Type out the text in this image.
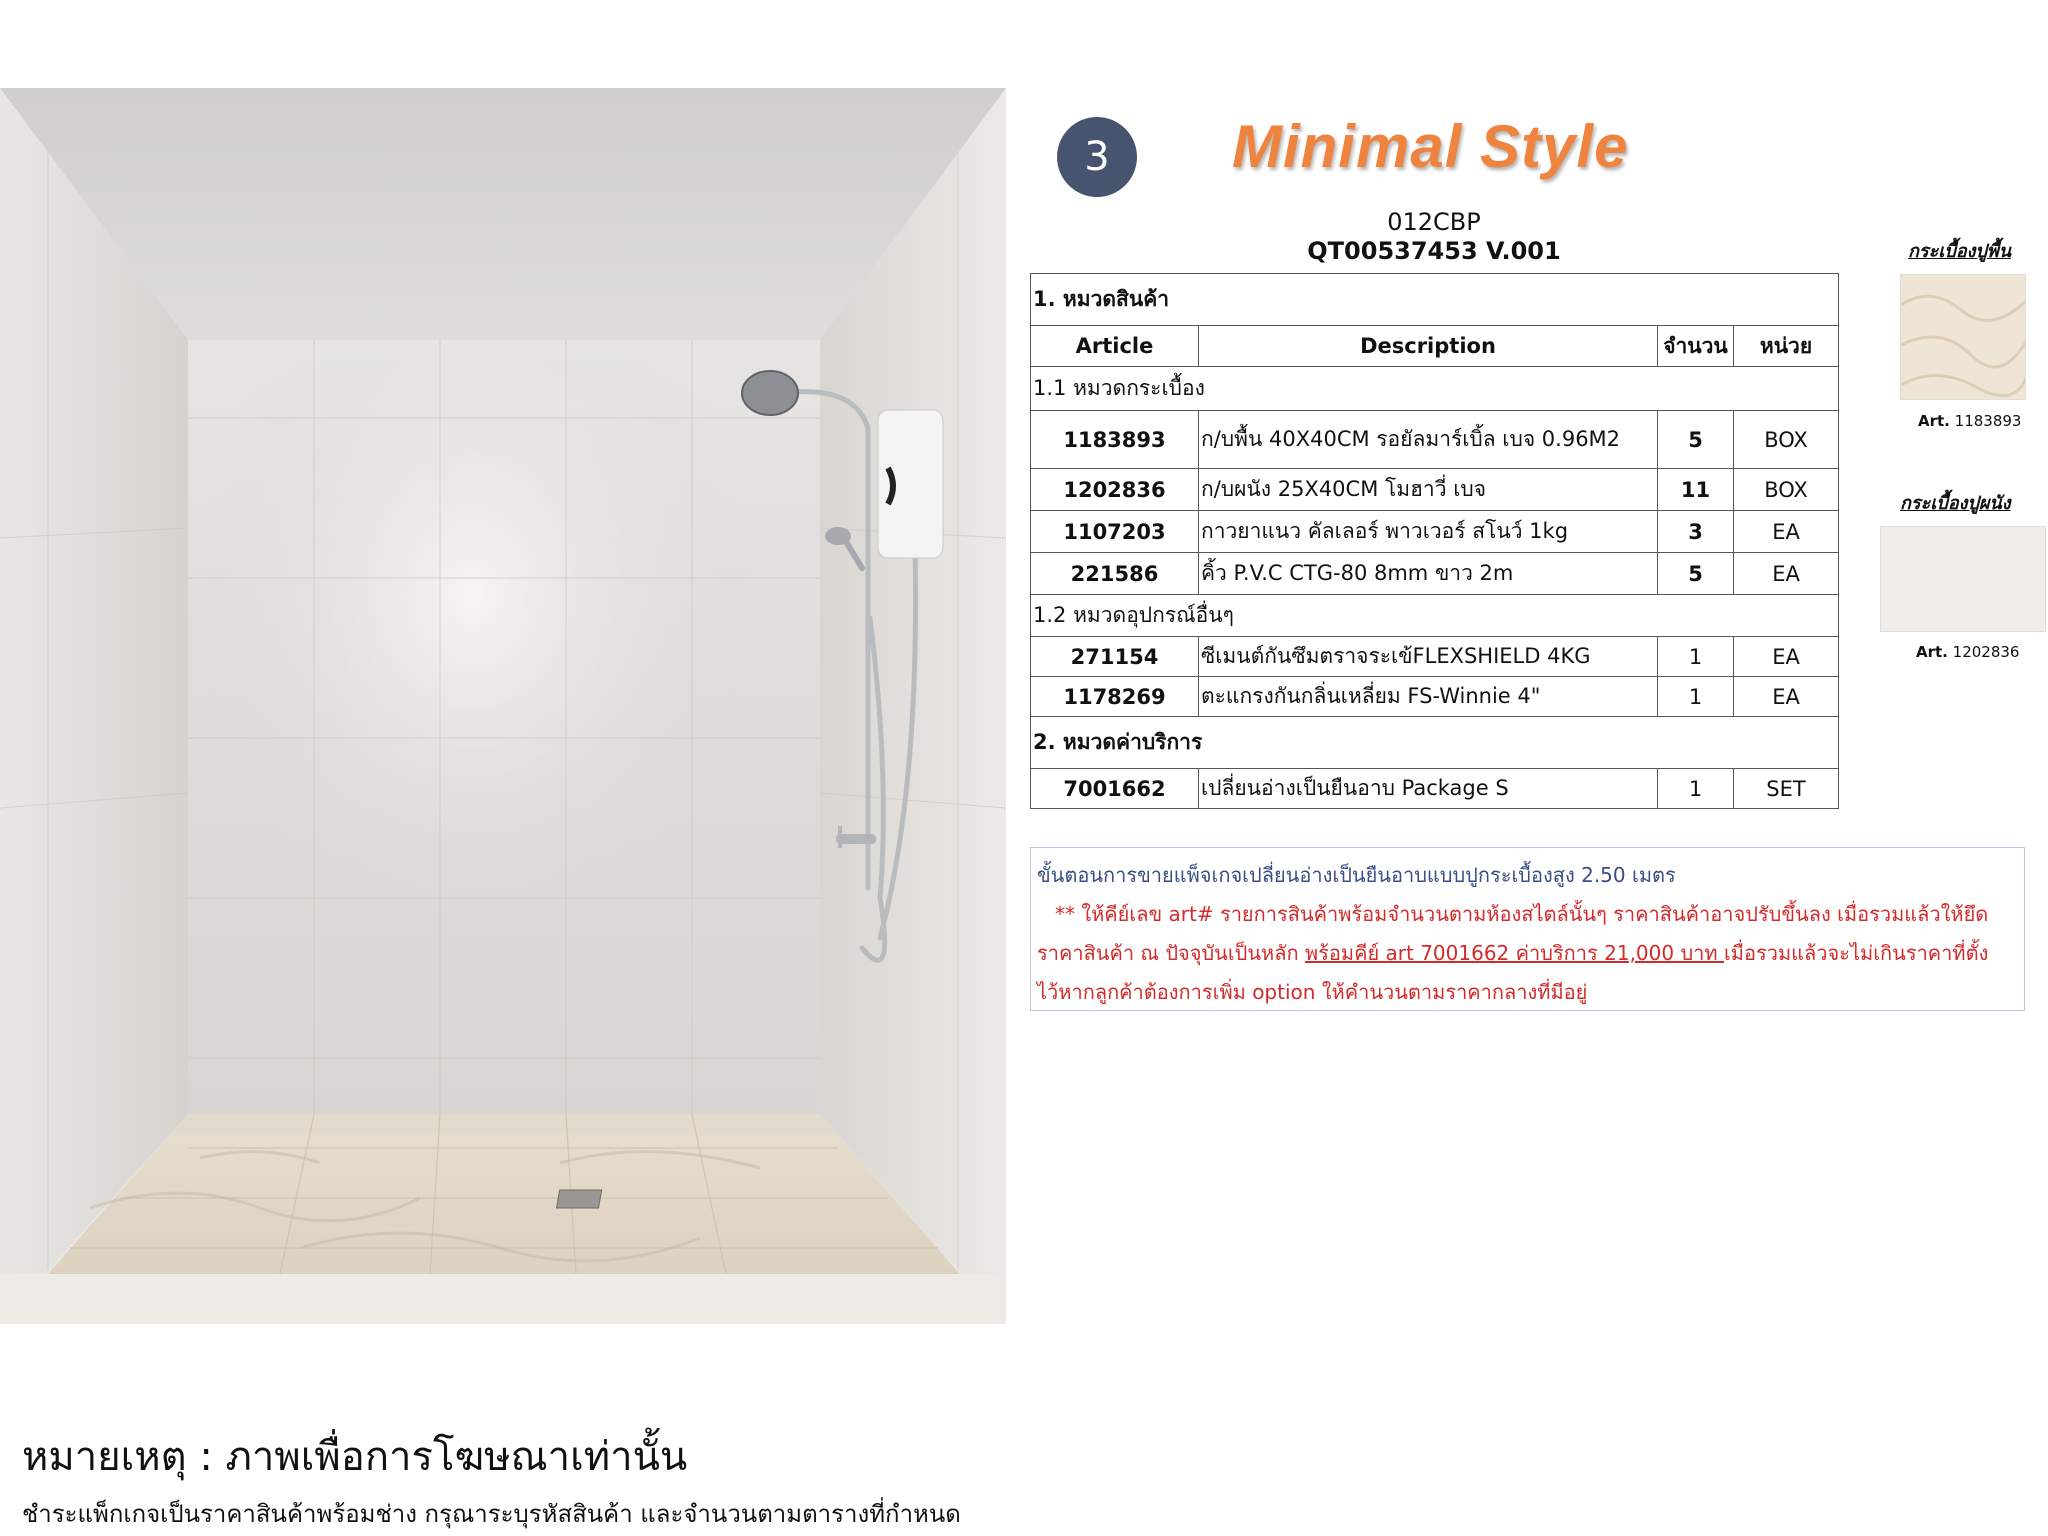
3	Minimal Style
012CBP
QT00537453 V.001
1. หมวดสินค้า			
Article	Description	จำนวน	หน่วย
1.1 หมวดกระเบื้อง			
1183893	ก/บพื้น 40X40CM รอยัลมาร์เบิ้ล เบจ 0.96M2	5	BOX
1202836	ก/บผนัง 25X40CM โมฮาวี่ เบจ	11	BOX
1107203	กาวยาแนว คัลเลอร์ พาวเวอร์ สโนว์ 1kg	3	EA
221586	คิ้ว P.V.C CTG-80 8mm ขาว 2m	5	EA
1.2 หมวดอุปกรณ์อื่นๆ			
271154	ซีเมนต์กันซึมตราจระเข้FLEXSHIELD 4KG	1	EA
1178269	ตะแกรงกันกลิ่นเหลี่ยม FS-Winnie 4"	1	EA
2. หมวดค่าบริการ			
7001662	เปลี่ยนอ่างเป็นยืนอาบ Package S	1	SET
ขั้นตอนการขายแพ็จเกจเปลี่ยนอ่างเป็นยืนอาบแบบปูกระเบื้องสูง 2.50 เมตร
** ให้คีย์เลข art# รายการสินค้าพร้อมจำนวนตามห้องสไตล์นั้นๆ ราคาสินค้าอาจปรับขึ้นลง เมื่อรวมแล้วให้ยึด
ราคาสินค้า ณ ปัจจุบันเป็นหลัก พร้อมคีย์ art 7001662 ค่าบริการ 21,000 บาท เมื่อรวมแล้วจะไม่เกินราคาที่ตั้ง
ไว้หากลูกค้าต้องการเพิ่ม option ให้คำนวนตามราคากลางที่มีอยู่
กระเบื้องปูพื้น
Art. 1183893
กระเบื้องปูผนัง
Art. 1202836
หมายเหตุ : ภาพเพื่อการโฆษณาเท่านั้น
ชำระแพ็กเกจเป็นราคาสินค้าพร้อมช่าง กรุณาระบุรหัสสินค้า และจำนวนตามตารางที่กำหนด
